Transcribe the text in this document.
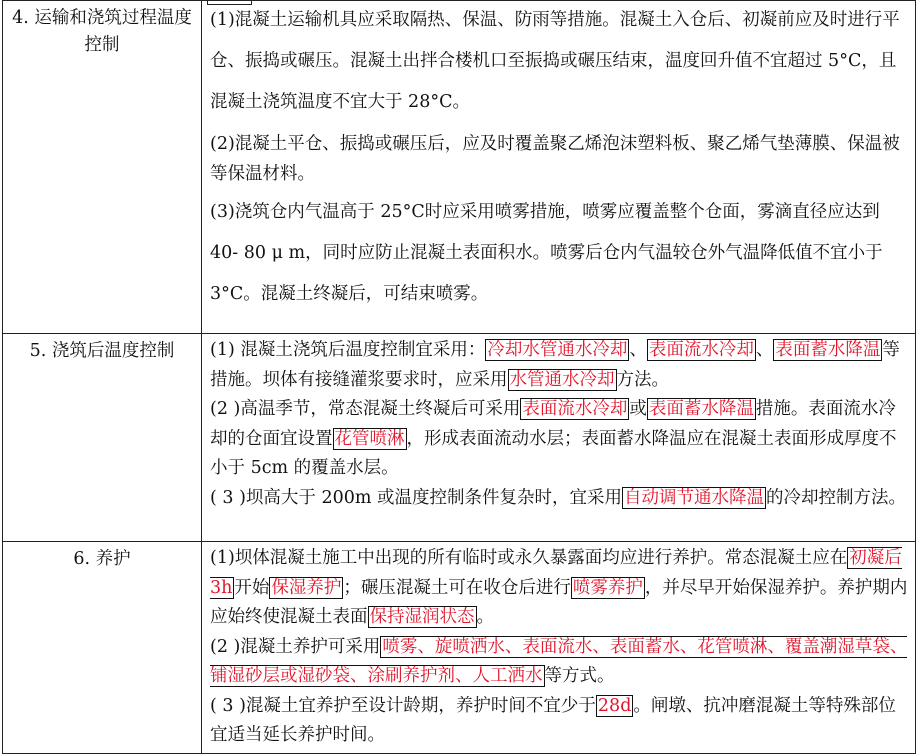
4. 运输和浇筑过程温度控制	(1)混凝土运输机具应采取隔热、保温、防雨等措施。混凝土入仓后、初凝前应及时进行平仓、振捣或碾压。混凝土出拌合楼机口至振捣或碾压结束，温度回升值不宜超过 5°C，且混凝土浇筑温度不宜大于 28°C。

(2)混凝土平仓、振捣或碾压后，应及时覆盖聚乙烯泡沫塑料板、聚乙烯气垫薄膜、保温被等保温材料。

(3)浇筑仓内气温高于 25°C时应采用喷雾措施，喷雾应覆盖整个仓面，雾滴直径应达到 40- 80 μ m，同时应防止混凝土表面积水。喷雾后仓内气温较仓外气温降低值不宜小于 3°C。混凝土终凝后，可结束喷雾。

5. 浇筑后温度控制	(1) 混凝土浇筑后温度控制宜采用： 冷却水管通水冷却 、 表面流水冷却 、 表面蓄水降温 等措施。坝体有接缝灌浆要求时，应采用 水管通水冷却 方法。

(2 )高温季节，常态混凝土终凝后可采用 表面流水冷却 或 表面蓄水降温 措施。表面流水冷却的仓面宜设置 花管喷淋 ，形成表面流动水层；表面蓄水降温应在混凝土表面形成厚度不小于 5cm 的覆盖水层。

( 3 )坝高大于 200m 或温度控制条件复杂时，宜采用 自动调节通水降温 的冷却控制方法。

6. 养护	(1)坝体混凝土施工中出现的所有临时或永久暴露面均应进行养护。常态混凝土应在 初凝后 3h 开始 保湿养护 ；碾压混凝土可在收仓后进行 喷雾养护 ，并尽早开始保湿养护。养护期内应始终使混凝土表面 保持湿润状态 。

(2 )混凝土养护可采用 喷雾、旋喷洒水、表面流水、表面蓄水、花管喷淋、覆盖潮湿草袋、铺湿砂层或湿砂袋、涂刷养护剂、人工洒水 等方式。

( 3 )混凝土宜养护至设计龄期，养护时间不宜少于 28d 。闸墩、抗冲磨混凝土等特殊部位宜适当延长养护时间。
